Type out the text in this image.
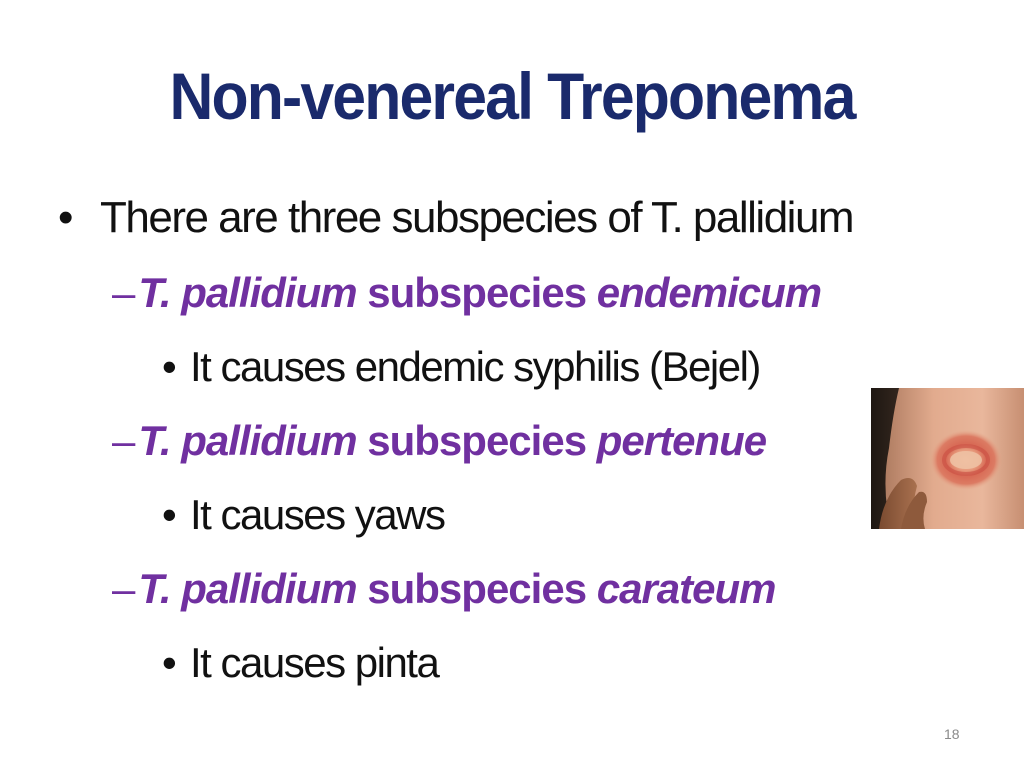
Non-venereal Treponema
• There are three subspecies of T. pallidium
–T. pallidium subspecies endemicum
• It causes endemic syphilis (Bejel)
–T. pallidium subspecies pertenue
• It causes yaws
–T. pallidium subspecies carateum
• It causes pinta
18
